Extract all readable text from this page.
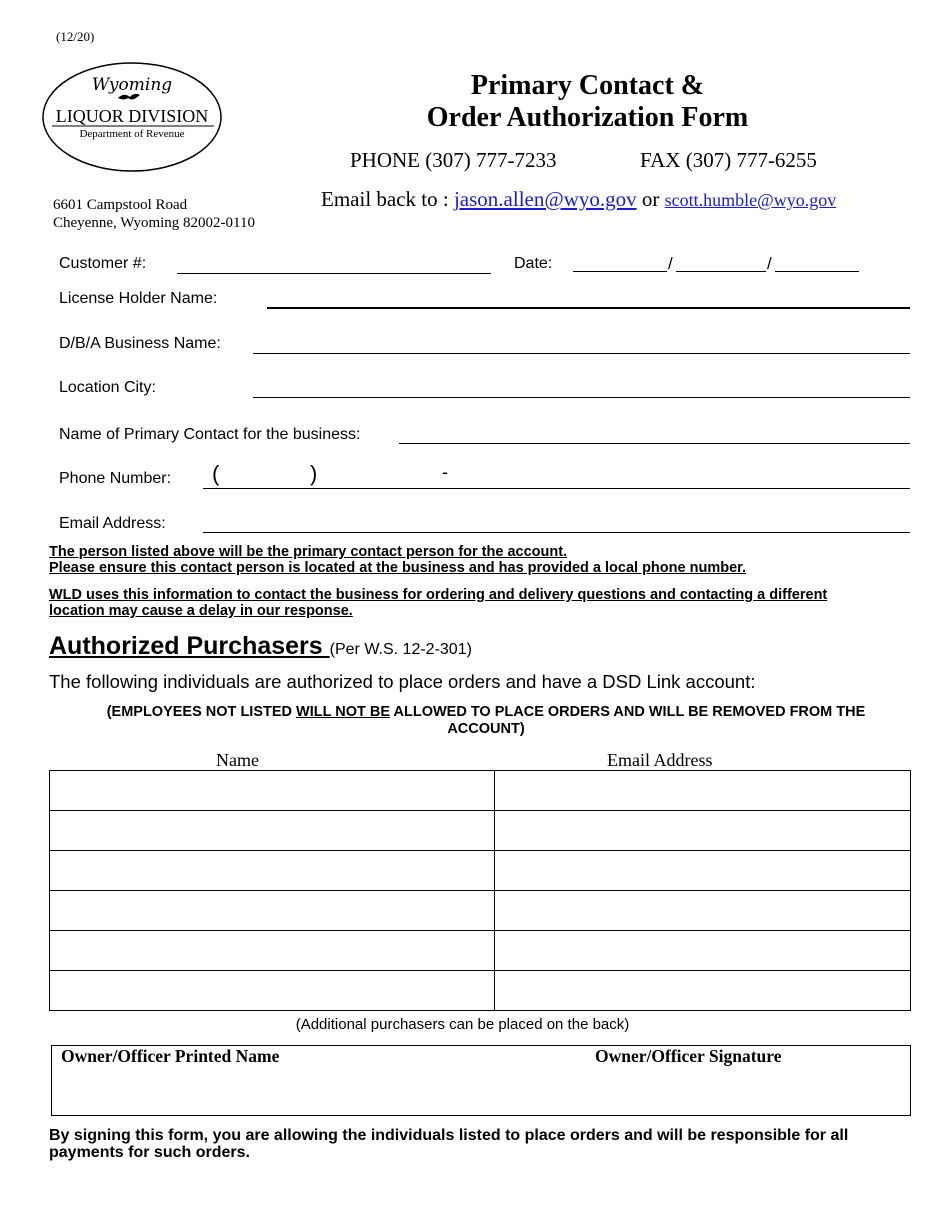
(12/20)
Wyoming
LIQUOR DIVISION
Department of Revenue
6601 Campstool Road
Cheyenne, Wyoming 82002-0110
Primary Contact &
Order Authorization Form
PHONE (307) 777-7233	FAX (307) 777-6255
Email back to : jason.allen@wyo.gov or scott.humble@wyo.gov
Customer #:	Date:	/	/
License Holder Name:
D/B/A Business Name:
Location City:
Name of Primary Contact for the business:
Phone Number: (	)	-
Email Address:
The person listed above will be the primary contact person for the account.
Please ensure this contact person is located at the business and has provided a local phone number.
WLD uses this information to contact the business for ordering and delivery questions and contacting a different
location may cause a delay in our response.
Authorized Purchasers (Per W.S. 12-2-301)
The following individuals are authorized to place orders and have a DSD Link account:
(EMPLOYEES NOT LISTED WILL NOT BE ALLOWED TO PLACE ORDERS AND WILL BE REMOVED FROM THE ACCOUNT)
Name	Email Address

(Additional purchasers can be placed on the back)
Owner/Officer Printed Name	Owner/Officer Signature
By signing this form, you are allowing the individuals listed to place orders and will be responsible for all payments for such orders.
